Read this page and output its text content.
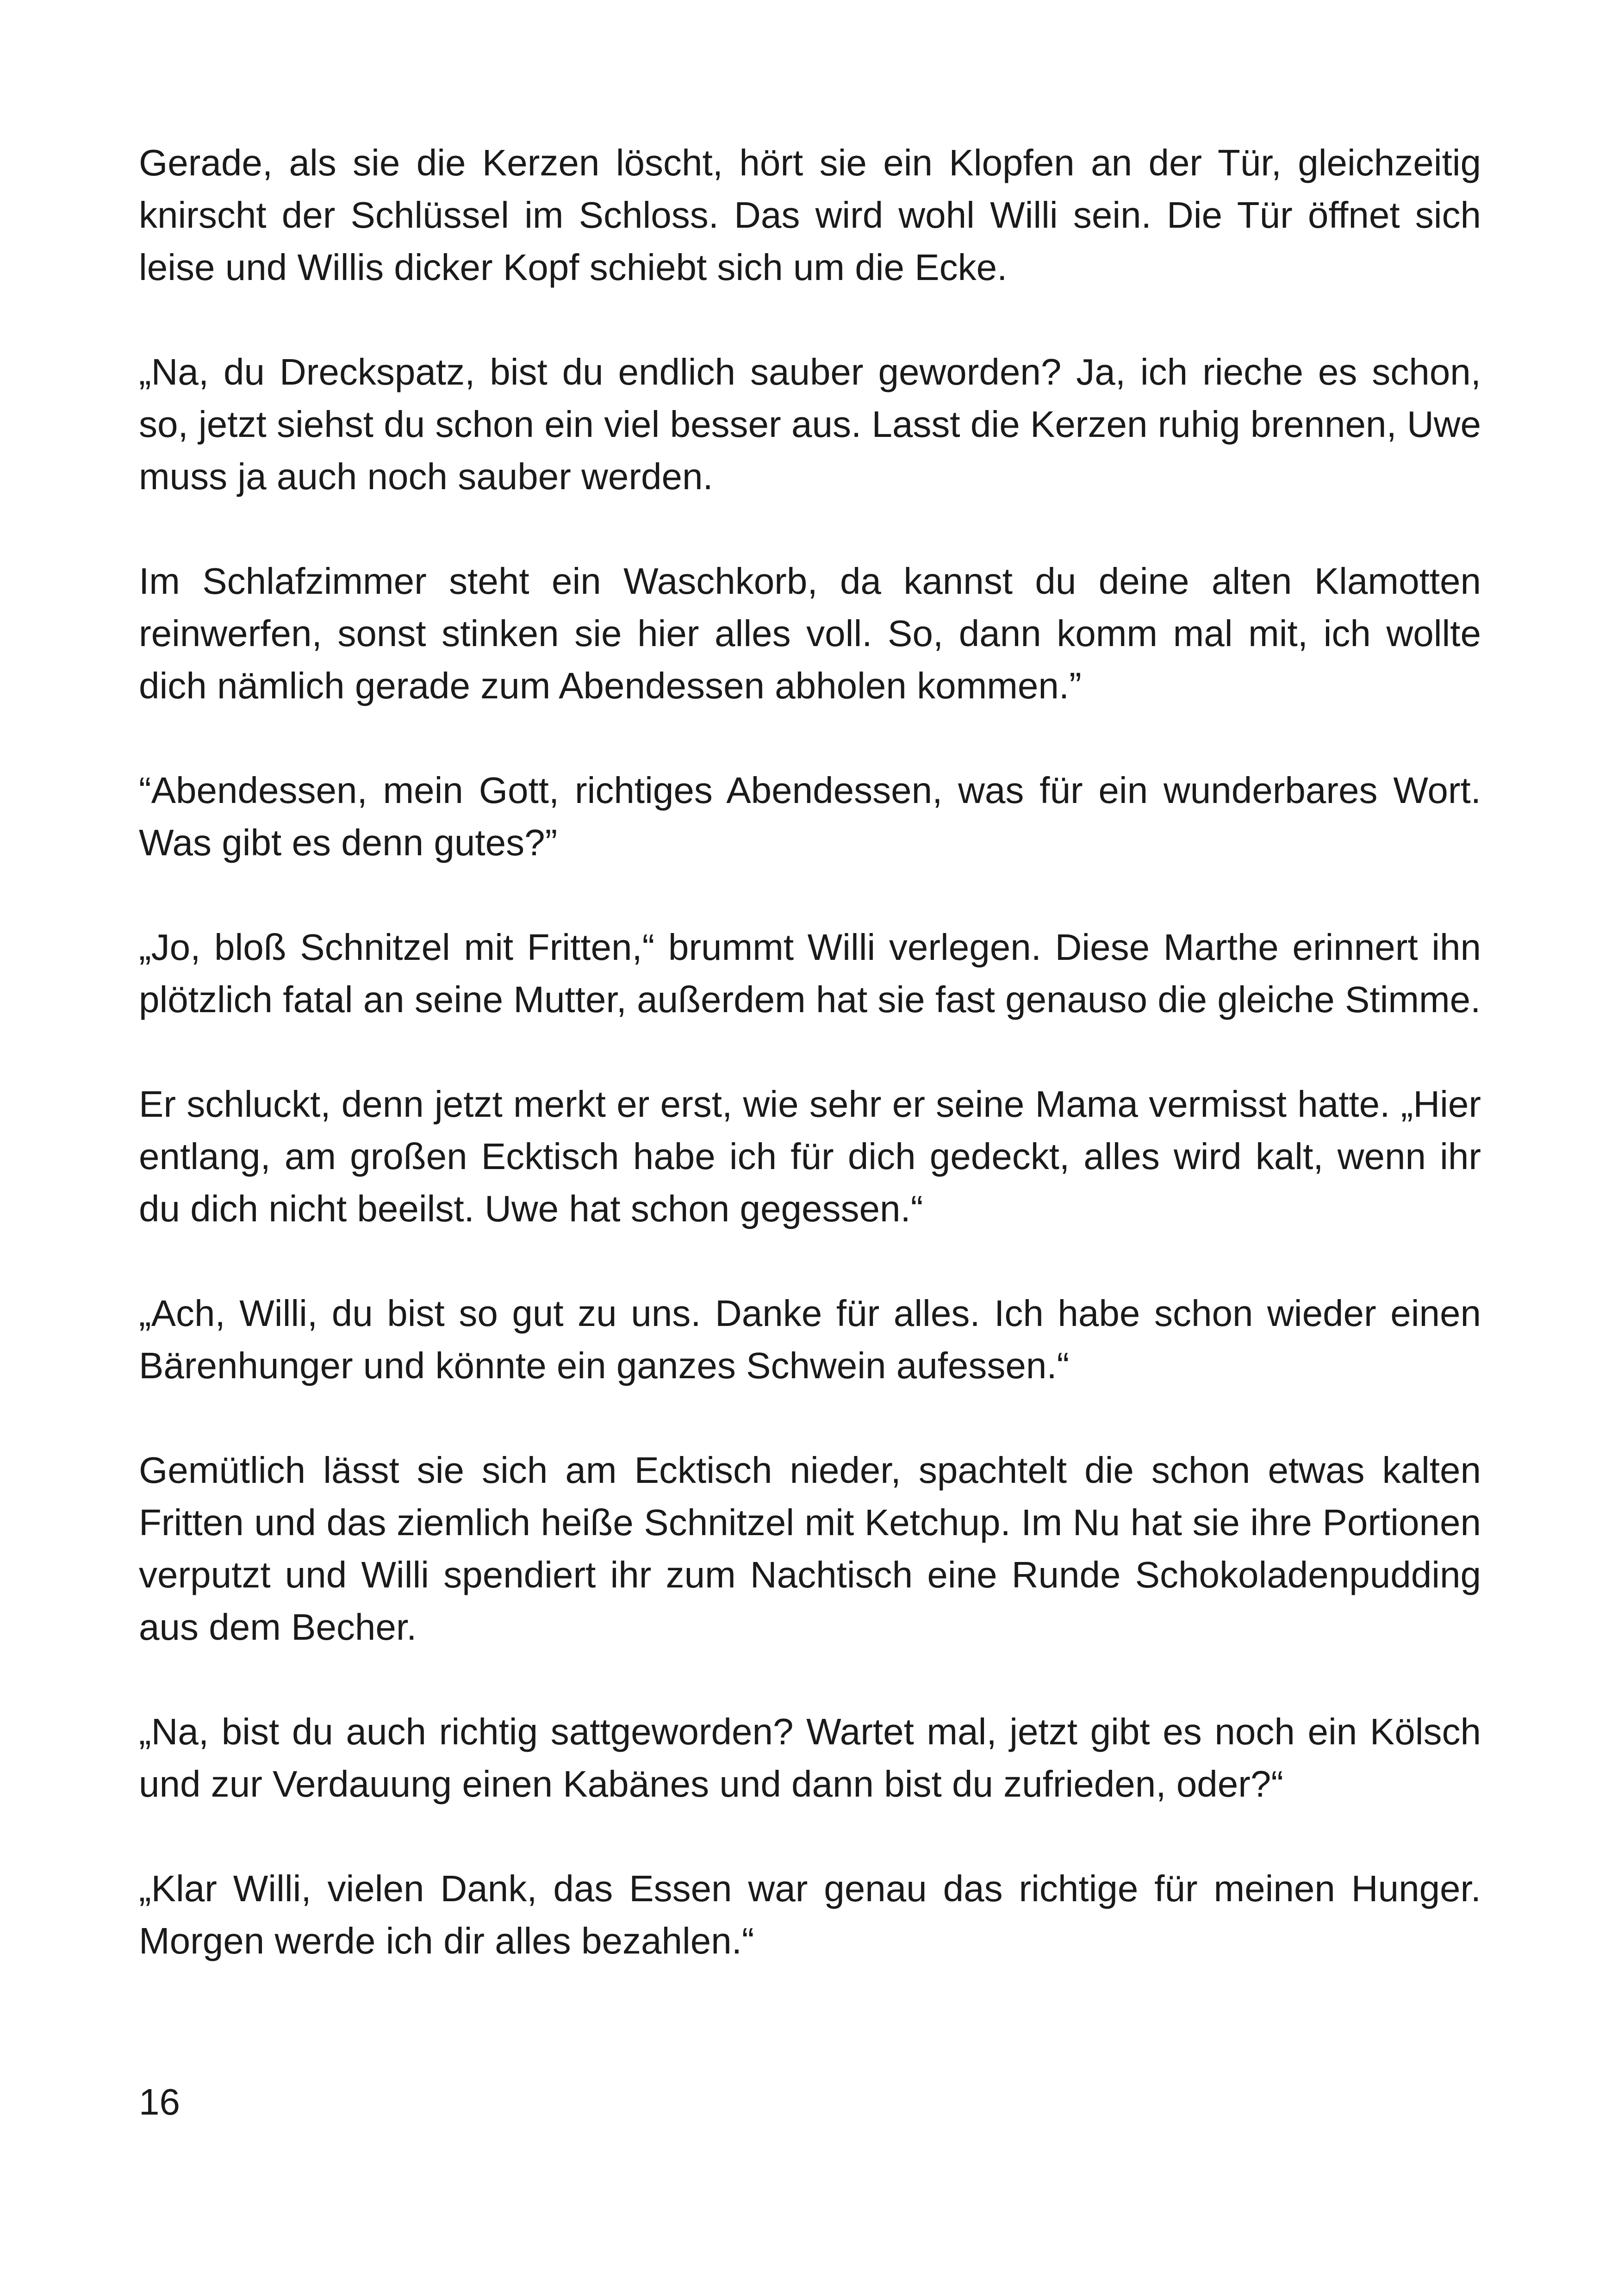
Gerade, als sie die Kerzen löscht, hört sie ein Klopfen an der Tür, gleichzeitig knirscht der Schlüssel im Schloss. Das wird wohl Willi sein. Die Tür öffnet sich leise und Willis dicker Kopf schiebt sich um die Ecke.

„Na, du Dreckspatz, bist du endlich sauber geworden? Ja, ich rieche es schon, so, jetzt siehst du schon ein viel besser aus. Lasst die Kerzen ruhig brennen, Uwe muss ja auch noch sauber werden.

Im Schlafzimmer steht ein Waschkorb, da kannst du deine alten Klamotten reinwerfen, sonst stinken sie hier alles voll. So, dann komm mal mit, ich wollte dich nämlich gerade zum Abendessen abholen kommen.”

“Abendessen, mein Gott, richtiges Abendessen, was für ein wunderbares Wort. Was gibt es denn gutes?”

„Jo, bloß Schnitzel mit Fritten,“ brummt Willi verlegen. Diese Marthe erinnert ihn plötzlich fatal an seine Mutter, außerdem hat sie fast genauso die gleiche Stimme.

Er schluckt, denn jetzt merkt er erst, wie sehr er seine Mama vermisst hatte. „Hier entlang, am großen Ecktisch habe ich für dich gedeckt, alles wird kalt, wenn ihr du dich nicht beeilst. Uwe hat schon gegessen.“

„Ach, Willi, du bist so gut zu uns. Danke für alles. Ich habe schon wieder einen Bärenhunger und könnte ein ganzes Schwein aufessen.“

Gemütlich lässt sie sich am Ecktisch nieder, spachtelt die schon etwas kalten Fritten und das ziemlich heiße Schnitzel mit Ketchup. Im Nu hat sie ihre Portionen verputzt und Willi spendiert ihr zum Nachtisch eine Runde Schokoladenpudding aus dem Becher.

„Na, bist du auch richtig sattgeworden? Wartet mal, jetzt gibt es noch ein Kölsch und zur Verdauung einen Kabänes und dann bist du zufrieden, oder?“

„Klar Willi, vielen Dank, das Essen war genau das richtige für meinen Hunger. Morgen werde ich dir alles bezahlen.“

16
